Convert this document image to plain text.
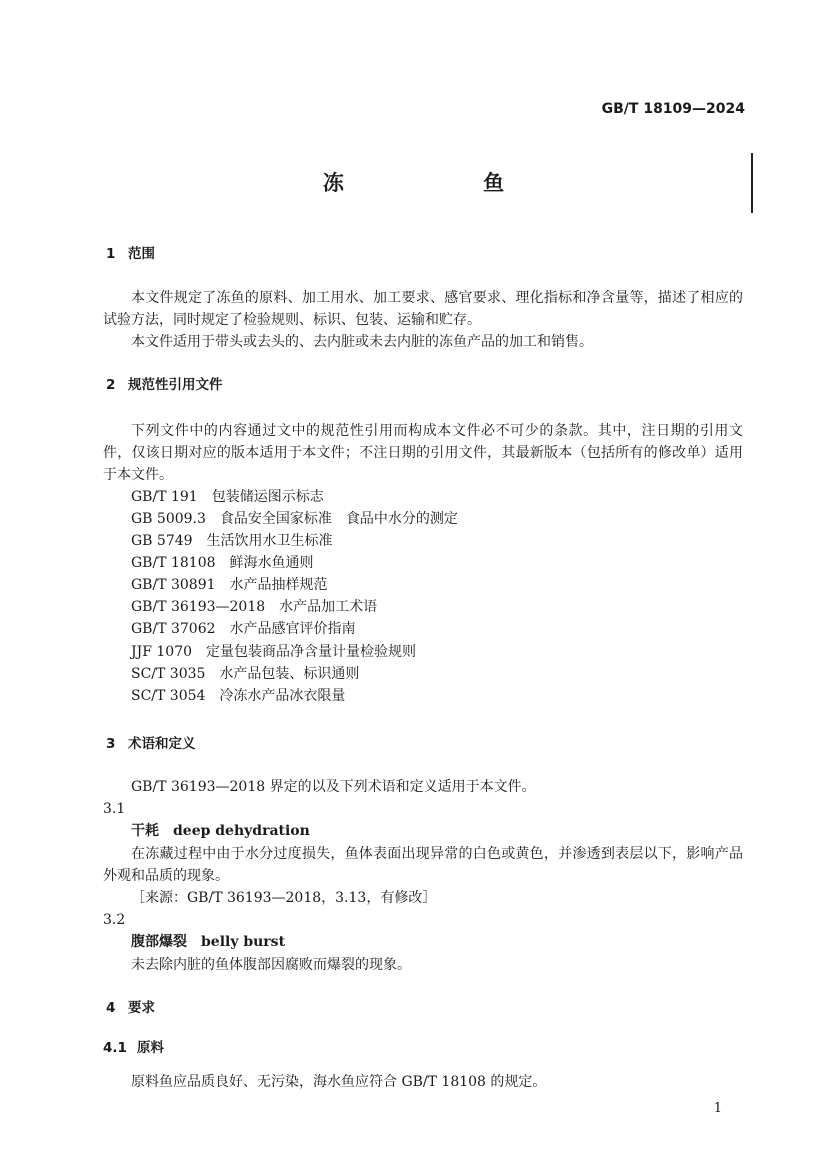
GB/T 18109—2024
冻 鱼
1 范围
本文件规定了冻鱼的原料、加工用水、加工要求、感官要求、理化指标和净含量等，描述了相应的试验方法，同时规定了检验规则、标识、包装、运输和贮存。
本文件适用于带头或去头的、去内脏或未去内脏的冻鱼产品的加工和销售。
2 规范性引用文件
下列文件中的内容通过文中的规范性引用而构成本文件必不可少的条款。其中，注日期的引用文件，仅该日期对应的版本适用于本文件；不注日期的引用文件，其最新版本（包括所有的修改单）适用于本文件。
GB/T 191　包装储运图示标志
GB 5009.3　食品安全国家标准　食品中水分的测定
GB 5749　生活饮用水卫生标准
GB/T 18108　鲜海水鱼通则
GB/T 30891　水产品抽样规范
GB/T 36193—2018　水产品加工术语
GB/T 37062　水产品感官评价指南
JJF 1070　定量包装商品净含量计量检验规则
SC/T 3035　水产品包装、标识通则
SC/T 3054　冷冻水产品冰衣限量
3 术语和定义
GB/T 36193—2018 界定的以及下列术语和定义适用于本文件。
3.1
干耗 deep dehydration
在冻藏过程中由于水分过度损失，鱼体表面出现异常的白色或黄色，并渗透到表层以下，影响产品外观和品质的现象。
［来源：GB/T 36193—2018，3.13，有修改］
3.2
腹部爆裂 belly burst
未去除内脏的鱼体腹部因腐败而爆裂的现象。
4 要求
4.1 原料
原料鱼应品质良好、无污染，海水鱼应符合 GB/T 18108 的规定。
1
